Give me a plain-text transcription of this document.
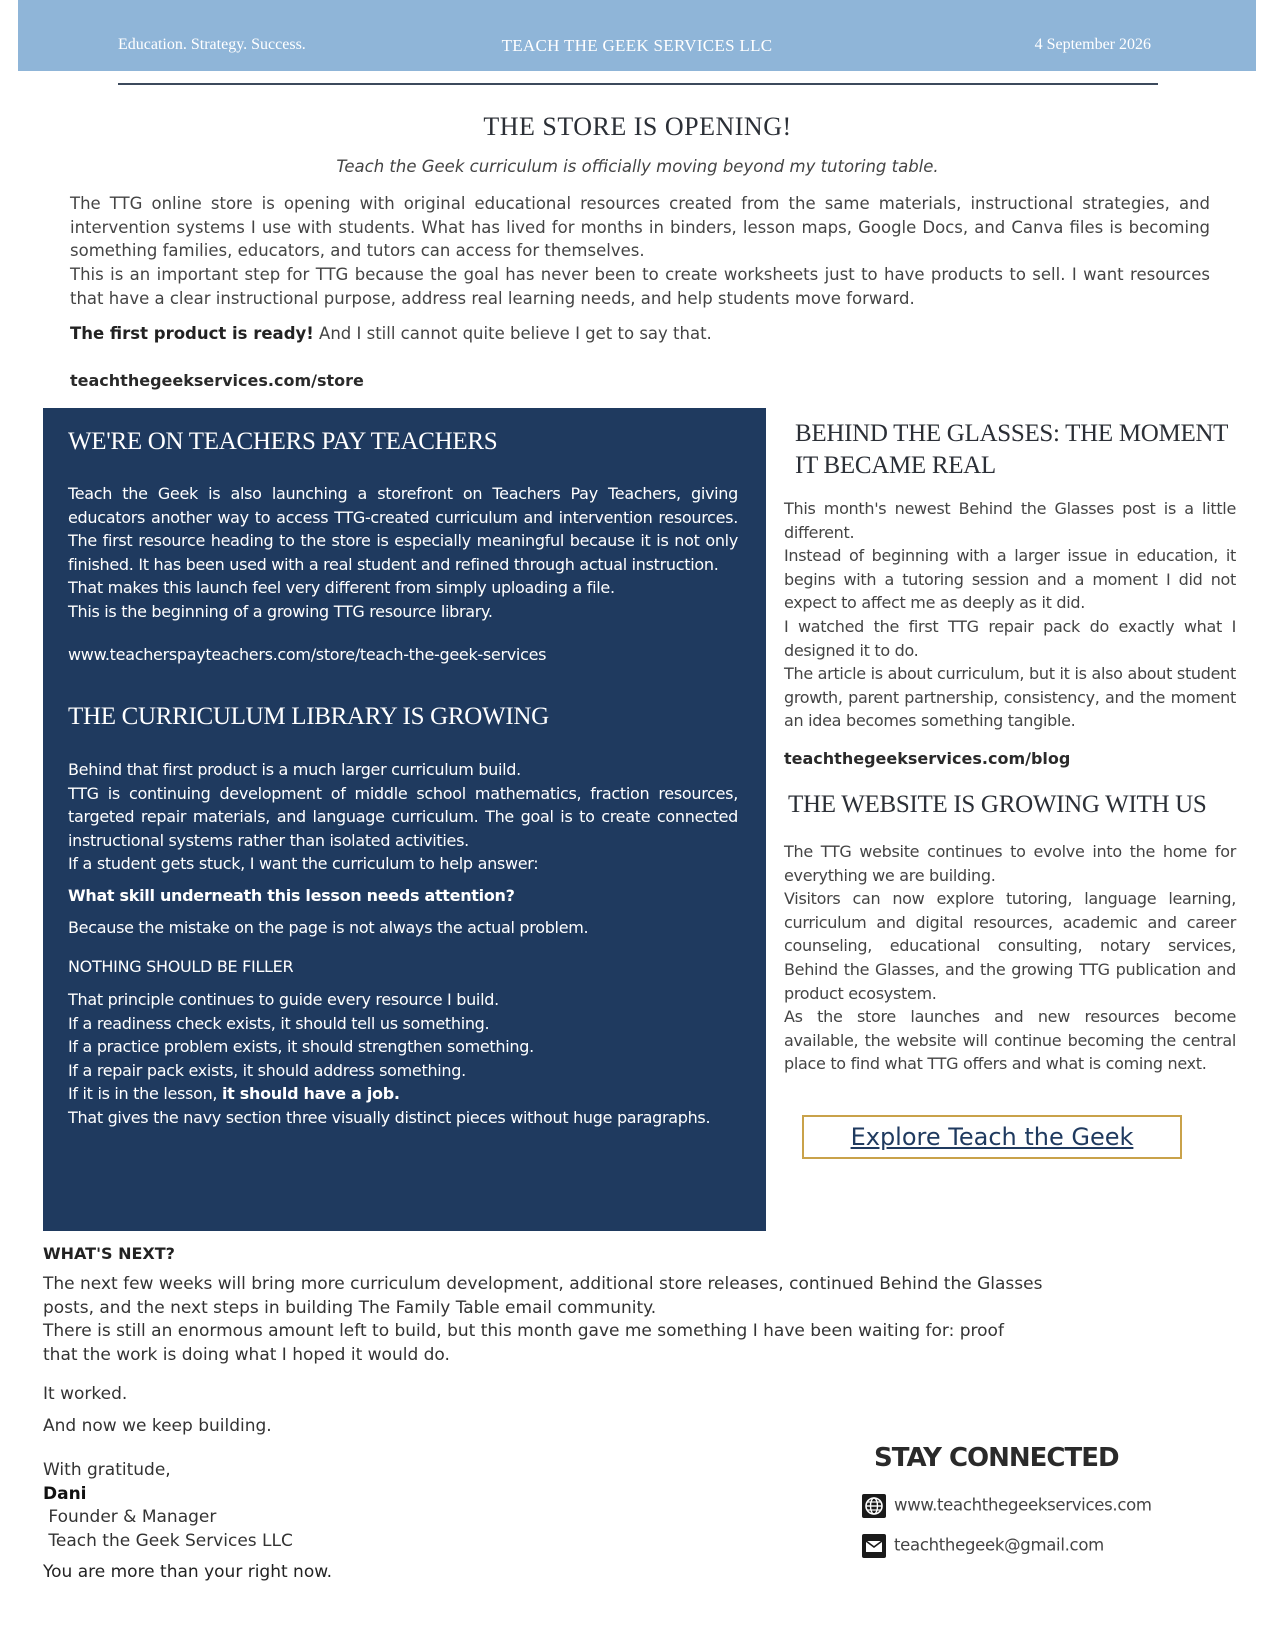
Education. Strategy. Success.	TEACH THE GEEK SERVICES LLC	4 September 2026
THE STORE IS OPENING!
Teach the Geek curriculum is officially moving beyond my tutoring table.
The TTG online store is opening with original educational resources created from the same materials, instructional strategies, and intervention systems I use with students. What has lived for months in binders, lesson maps, Google Docs, and Canva files is becoming something families, educators, and tutors can access for themselves.
This is an important step for TTG because the goal has never been to create worksheets just to have products to sell. I want resources that have a clear instructional purpose, address real learning needs, and help students move forward.
The first product is ready! And I still cannot quite believe I get to say that.
teachthegeekservices.com/store
WE'RE ON TEACHERS PAY TEACHERS
Teach the Geek is also launching a storefront on Teachers Pay Teachers, giving educators another way to access TTG-created curriculum and intervention resources. The first resource heading to the store is especially meaningful because it is not only finished. It has been used with a real student and refined through actual instruction.
That makes this launch feel very different from simply uploading a file.
This is the beginning of a growing TTG resource library.
www.teacherspayteachers.com/store/teach-the-geek-services
THE CURRICULUM LIBRARY IS GROWING
Behind that first product is a much larger curriculum build.
TTG is continuing development of middle school mathematics, fraction resources, targeted repair materials, and language curriculum. The goal is to create connected instructional systems rather than isolated activities.
If a student gets stuck, I want the curriculum to help answer:
What skill underneath this lesson needs attention?
Because the mistake on the page is not always the actual problem.
NOTHING SHOULD BE FILLER
That principle continues to guide every resource I build.
If a readiness check exists, it should tell us something.
If a practice problem exists, it should strengthen something.
If a repair pack exists, it should address something.
If it is in the lesson, it should have a job.
That gives the navy section three visually distinct pieces without huge paragraphs.
BEHIND THE GLASSES: THE MOMENT
IT BECAME REAL
This month's newest Behind the Glasses post is a little different.
Instead of beginning with a larger issue in education, it begins with a tutoring session and a moment I did not expect to affect me as deeply as it did.
I watched the first TTG repair pack do exactly what I designed it to do.
The article is about curriculum, but it is also about student growth, parent partnership, consistency, and the moment an idea becomes something tangible.
teachthegeekservices.com/blog
THE WEBSITE IS GROWING WITH US
The TTG website continues to evolve into the home for everything we are building.
Visitors can now explore tutoring, language learning, curriculum and digital resources, academic and career counseling, educational consulting, notary services, Behind the Glasses, and the growing TTG publication and product ecosystem.
As the store launches and new resources become available, the website will continue becoming the central place to find what TTG offers and what is coming next.
Explore Teach the Geek
WHAT'S NEXT?
The next few weeks will bring more curriculum development, additional store releases, continued Behind the Glasses posts, and the next steps in building The Family Table email community.
There is still an enormous amount left to build, but this month gave me something I have been waiting for: proof that the work is doing what I hoped it would do.
It worked.
And now we keep building.
With gratitude,
Dani
Founder & Manager
Teach the Geek Services LLC
You are more than your right now.
STAY CONNECTED
www.teachthegeekservices.com
teachthegeek@gmail.com
